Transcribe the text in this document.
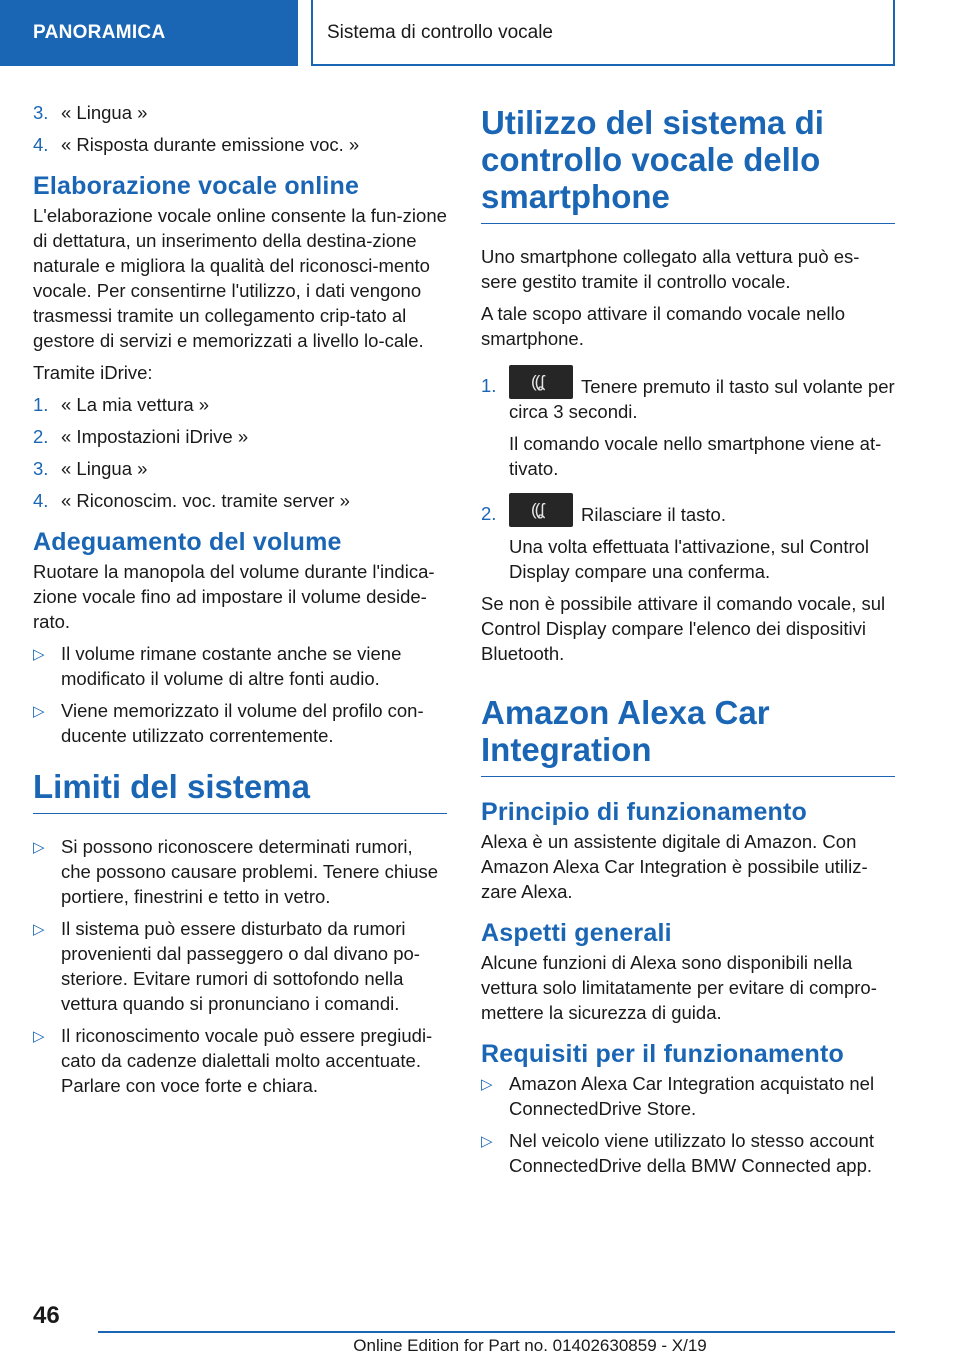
PANORAMICA	Sistema di controllo vocale
3. « Lingua »
4. « Risposta durante emissione voc. »
Elaborazione vocale online

L'elaborazione vocale online consente la fun-zione di dettatura, un inserimento della destina-zione naturale e migliora la qualità del riconosci-mento vocale. Per consentirne l'utilizzo, i dati vengono trasmessi tramite un collegamento crip-tato al gestore di servizi e memorizzati a livello lo-cale.

Tramite iDrive:

1. « La mia vettura »
2. « Impostazioni iDrive »
3. « Lingua »
4. « Riconoscim. voc. tramite server »
Adeguamento del volume

Ruotare la manopola del volume durante l'indica-zione vocale fino ad impostare il volume deside-rato.

▷ Il volume rimane costante anche se viene modificato il volume di altre fonti audio.
▷ Viene memorizzato il volume del profilo con-ducente utilizzato correntemente.
Limiti del sistema
▷ Si possono riconoscere determinati rumori, che possono causare problemi. Tenere chiuse portiere, finestrini e tetto in vetro.
▷ Il sistema può essere disturbato da rumori provenienti dal passeggero o dal divano po-steriore. Evitare rumori di sottofondo nella vettura quando si pronunciano i comandi.
▷ Il riconoscimento vocale può essere pregiudi-cato da cadenze dialettali molto accentuate. Parlare con voce forte e chiara.
Utilizzo del sistema di controllo vocale dello smartphone

Uno smartphone collegato alla vettura può es-sere gestito tramite il controllo vocale.

A tale scopo attivare il comando vocale nello smartphone.

1. ((ʆ Tenere premuto il tasto sul volante per circa 3 secondi.
Il comando vocale nello smartphone viene at-tivato.
2. ((ʆ Rilasciare il tasto.
Una volta effettuata l'attivazione, sul Control Display compare una conferma.

Se non è possibile attivare il comando vocale, sul Control Display compare l'elenco dei dispositivi Bluetooth.

Amazon Alexa Car Integration
Principio di funzionamento

Alexa è un assistente digitale di Amazon. Con Amazon Alexa Car Integration è possibile utiliz-zare Alexa.

Aspetti generali

Alcune funzioni di Alexa sono disponibili nella vettura solo limitatamente per evitare di compro-mettere la sicurezza di guida.

Requisiti per il funzionamento
▷ Amazon Alexa Car Integration acquistato nel ConnectedDrive Store.
▷ Nel veicolo viene utilizzato lo stesso account ConnectedDrive della BMW Connected app.
46
Online Edition for Part no. 01402630859 - X/19
